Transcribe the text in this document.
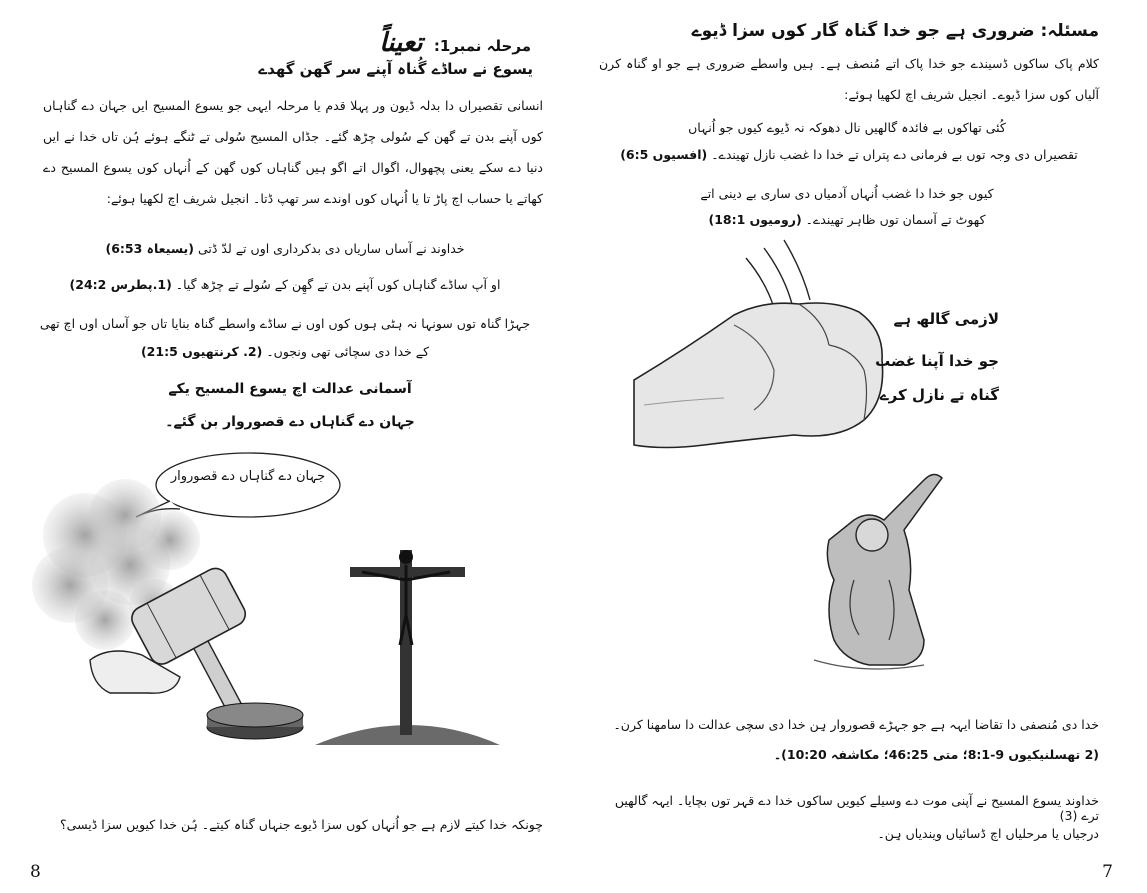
مرحلہ نمبر1: تعیناً
یسوع نے ساڈے گُناہ آپنے سر گھن گھدے
انسانی تقصیراں دا بدلہ ڈیون ور پہلا قدم یا مرحلہ ایہی جو یسوع المسیح ایں جہان دے گناہاں کوں آپنے بدن تے گھن کے سُولی چڑھ گئے۔ جڈاں المسیح سُولی تے ٹنگے ہوئے ہُن تاں خدا نے ایں دنیا دے سکے یعنی پچھوال، اگوال اتے اگو ہیں گناہاں کوں گھن کے اُنہاں کوں یسوع المسیح دے کھاتے یا حساب اچ پاڑ تا یا اُنہاں کوں اوندے سر تھپ ڈتا۔ انجیل شریف اچ لکھیا ہوئے:
خداوند نے آساں ساریاں دی بدکرداری اوں تے لدّ ڈتی (یسیعاہ 6:53)
او آپ ساڈے گناہاں کوں آپنے بدن تے گھِن کے سُولے تے چڑھ گیا۔ (1.پطرس 24:2)
جہڑا گناہ توں سونہا نہ ہٹی ہوں کوں اوں نے ساڈے واسطے گناہ بنایا تاں جو آساں اوں اچ تھی
کے خدا دی سچائی تھی ونجوں۔ (2. کرنتھیوں 21:5)
آسمانی عدالت اچ یسوع المسیح یکے
جہان دے گناہاں دے قصوروار بن گئے۔
جہان دے گناہاں دے قصوروار
چونکہ خدا کیتے لازم ہے جو اُنہاں کوں سزا ڈیوے جنہاں گناہ کیتے۔ ہُن خدا کیویں سزا ڈیسی؟
8
مسئلہ: ضروری ہے جو خدا گناہ گار کوں سزا ڈیوے
کلام پاک ساکوں ڈسیندے جو خدا پاک اتے مُنصف ہے۔ ہیں واسطے ضروری ہے جو او گناہ کرن آلیاں کوں سزا ڈیوے۔ انجیل شریف اچ لکھیا ہوئے:
کُئی تھاکوں بے فائدہ گالھیں نال دھوکہ نہ ڈیوے کیوں جو اُنہاں
تقصیراں دی وجہ توں بے فرمانی دے پتراں تے خدا دا غضب نازل تھیندے۔ (افسیوں 6:5)
کیوں جو خدا دا غضب اُنہاں آدمیاں دی ساری بے دینی اتے
کھوٹ تے آسمان توں ظاہر تھیندے۔ (رومیوں 18:1)
لازمی گالھ ہے
جو خدا آپنا غضب
گناہ تے نازل کرے
خدا دی مُنصفی دا تقاضا ایہہ ہے جو جہڑے قصوروار ہِن خدا دی سچی عدالت دا سامھنا کرن۔ (2 تھسلنیکیوں 9-8:1؛ متی 46:25؛ مکاشفہ 10:20)۔
خداوند یسوع المسیح نے آپنی موت دے وسیلے کیویں ساکوں خدا دے قہر توں بچایا۔ ایہہ گالھیں ترے (3)
درجیاں یا مرحلیاں اچ ڈسائیاں ویندیاں ہِن۔
7
